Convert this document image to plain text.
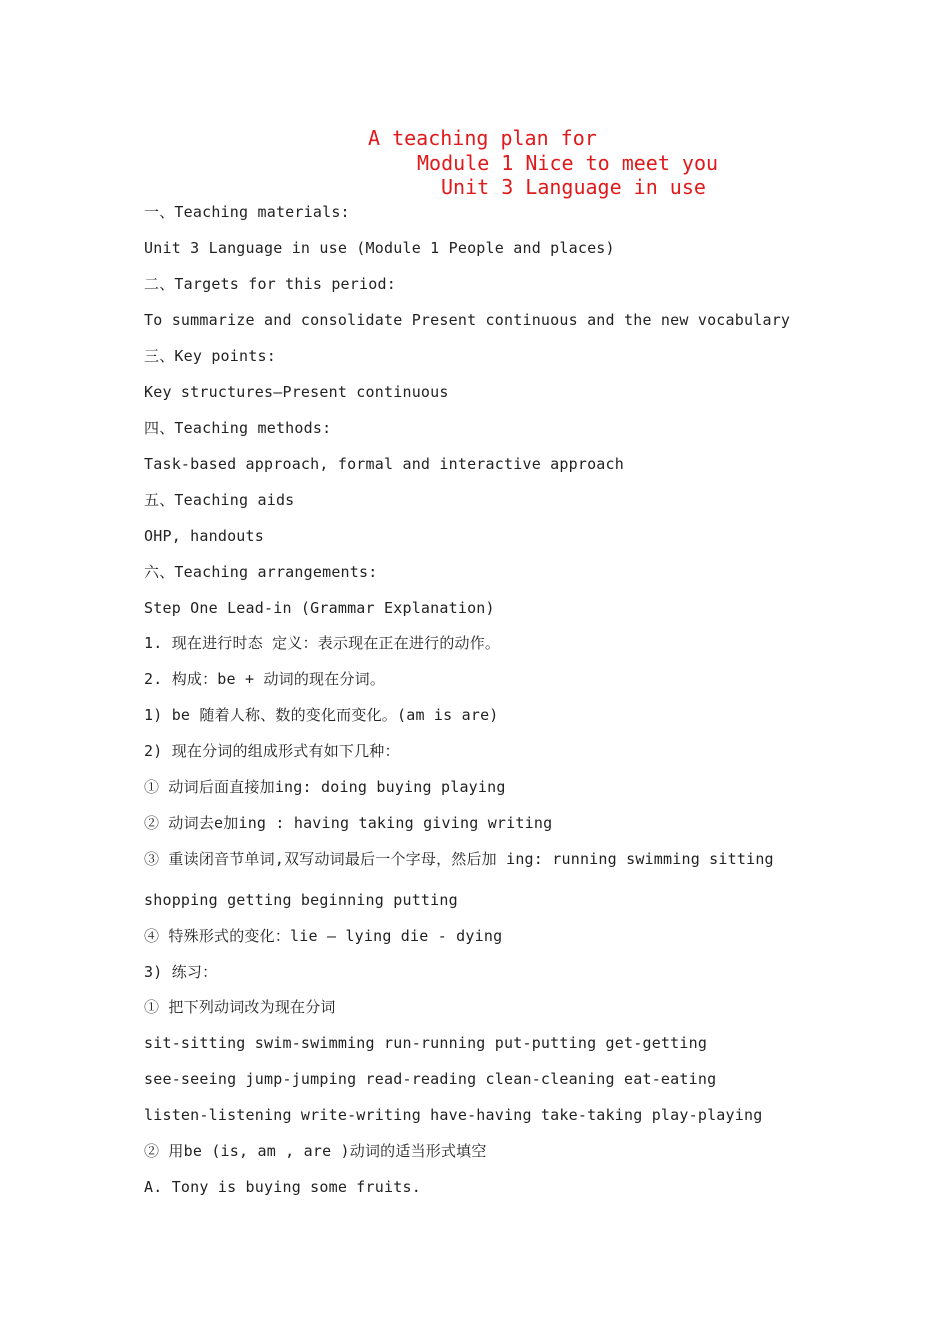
A teaching plan for
Module 1 Nice to meet you
Unit 3 Language in use
一、Teaching materials:
Unit 3 Language in use (Module 1 People and places)
二、Targets for this period:
To summarize and consolidate Present continuous and the new vocabulary
三、Key points:
Key structures—Present continuous
四、Teaching methods:
Task-based approach, formal and interactive approach
五、Teaching aids
OHP, handouts
六、Teaching arrangements:
Step One Lead-in (Grammar Explanation)
1. 现在进行时态 定义：表示现在正在进行的动作。
2. 构成：be + 动词的现在分词。
1) be 随着人称、数的变化而变化。(am is are)
2) 现在分词的组成形式有如下几种：
① 动词后面直接加ing: doing buying playing
② 动词去e加ing : having taking giving writing
③ 重读闭音节单词,双写动词最后一个字母，然后加 ing: running swimming sitting
shopping getting beginning putting
④ 特殊形式的变化：lie — lying die - dying
3) 练习：
① 把下列动词改为现在分词
sit-sitting swim-swimming run-running put-putting get-getting
see-seeing jump-jumping read-reading clean-cleaning eat-eating
listen-listening write-writing have-having take-taking play-playing
② 用be (is, am , are )动词的适当形式填空
A. Tony is buying some fruits.
